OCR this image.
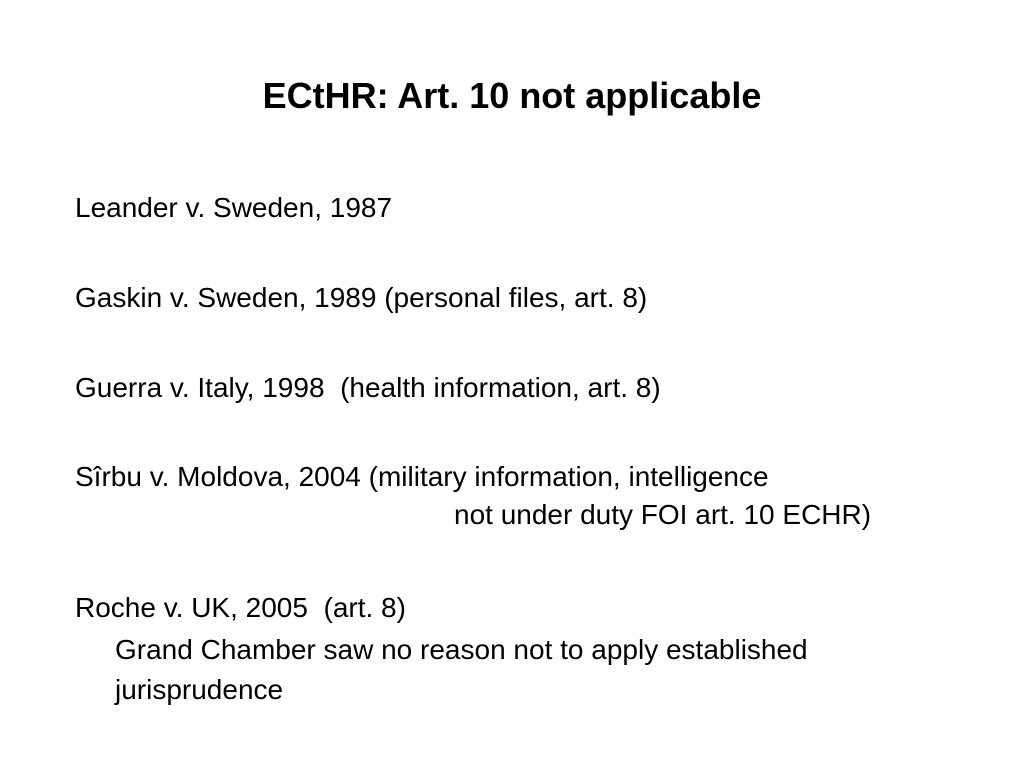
ECtHR: Art. 10 not applicable

Leander v. Sweden, 1987

Gaskin v. Sweden, 1989 (personal files, art. 8)

Guerra v. Italy, 1998  (health information, art. 8)

Sîrbu v. Moldova, 2004 (military information, intelligence

not under duty FOI art. 10 ECHR)

Roche v. UK, 2005  (art. 8)

Grand Chamber saw no reason not to apply established

jurisprudence
